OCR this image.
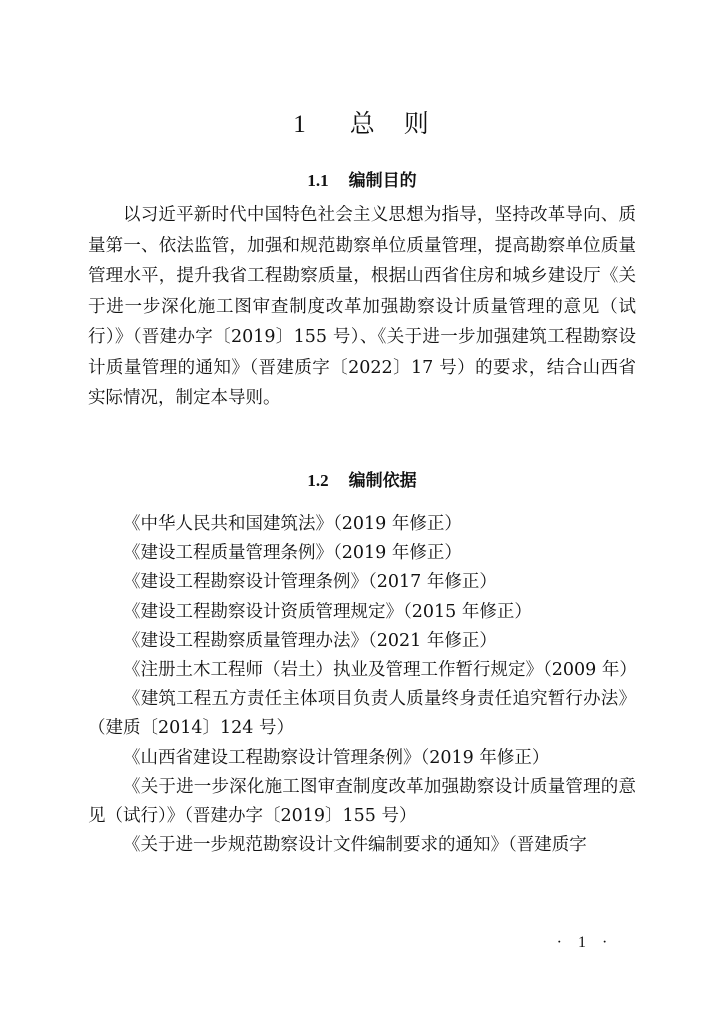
1 总　则
1.1 编制目的

以习近平新时代中国特色社会主义思想为指导，坚持改革导向、质量第一、依法监管，加强和规范勘察单位质量管理，提高勘察单位质量管理水平，提升我省工程勘察质量，根据山西省住房和城乡建设厅《关于进一步深化施工图审查制度改革加强勘察设计质量管理的意见（试行）》（晋建办字〔2019〕155 号）、《关于进一步加强建筑工程勘察设计质量管理的通知》（晋建质字〔2022〕17 号）的要求，结合山西省实际情况，制定本导则。

1.2 编制依据

《中华人民共和国建筑法》（2019 年修正）

《建设工程质量管理条例》（2019 年修正）

《建设工程勘察设计管理条例》（2017 年修正）

《建设工程勘察设计资质管理规定》（2015 年修正）

《建设工程勘察质量管理办法》（2021 年修正）

《注册土木工程师（岩土）执业及管理工作暂行规定》（2009 年）

《建筑工程五方责任主体项目负责人质量终身责任追究暂行办法》（建质〔2014〕124 号）

《山西省建设工程勘察设计管理条例》（2019 年修正）

《关于进一步深化施工图审查制度改革加强勘察设计质量管理的意见（试行）》（晋建办字〔2019〕155 号）

《关于进一步规范勘察设计文件编制要求的通知》（晋建质字

· 1 ·
